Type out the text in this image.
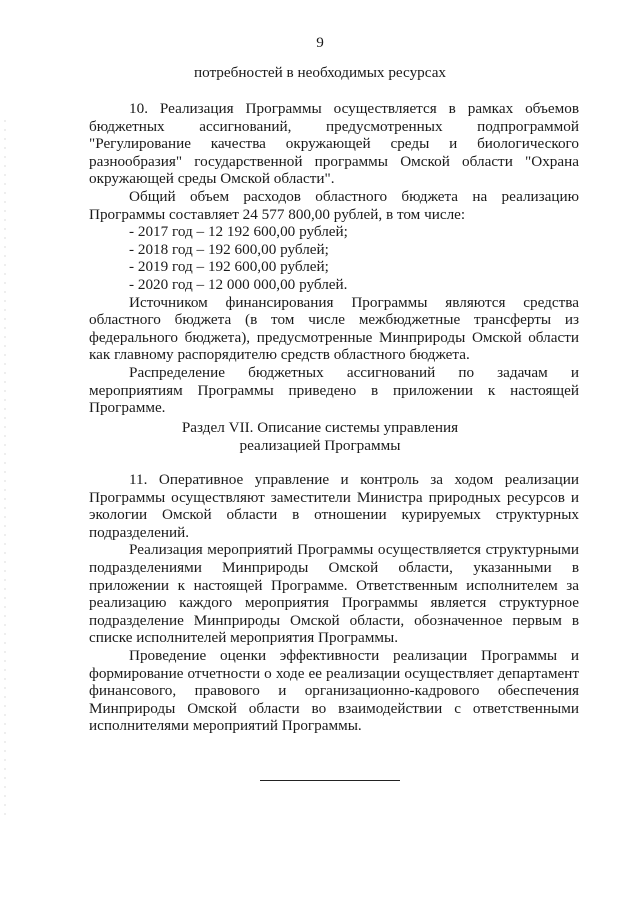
9
потребностей в необходимых ресурсах

10. Реализация Программы осуществляется в рамках объемов бюджетных ассигнований, предусмотренных подпрограммой "Регулирование качества окружающей среды и биологического разнообразия" государственной программы Омской области "Охрана окружающей среды Омской области".

Общий объем расходов областного бюджета на реализацию Программы составляет 24 577 800,00 рублей, в том числе:

- 2017 год – 12 192 600,00 рублей;

- 2018 год – 192 600,00 рублей;

- 2019 год – 192 600,00 рублей;

- 2020 год – 12 000 000,00 рублей.

Источником финансирования Программы являются средства областного бюджета (в том числе межбюджетные трансферты из федерального бюджета), предусмотренные Минприроды Омской области как главному распорядителю средств областного бюджета.

Распределение бюджетных ассигнований по задачам и мероприятиям Программы приведено в приложении к настоящей Программе.

Раздел VII. Описание системы управления
реализацией Программы

11. Оперативное управление и контроль за ходом реализации Программы осуществляют заместители Министра природных ресурсов и экологии Омской области в отношении курируемых структурных подразделений.

Реализация мероприятий Программы осуществляется структурными подразделениями Минприроды Омской области, указанными в приложении к настоящей Программе. Ответственным исполнителем за реализацию каждого мероприятия Программы является структурное подразделение Минприроды Омской области, обозначенное первым в списке исполнителей мероприятия Программы.

Проведение оценки эффективности реализации Программы и формирование отчетности о ходе ее реализации осуществляет департамент финансового, правового и организационно-кадрового обеспечения Минприроды Омской области во взаимодействии с ответственными исполнителями мероприятий Программы.
